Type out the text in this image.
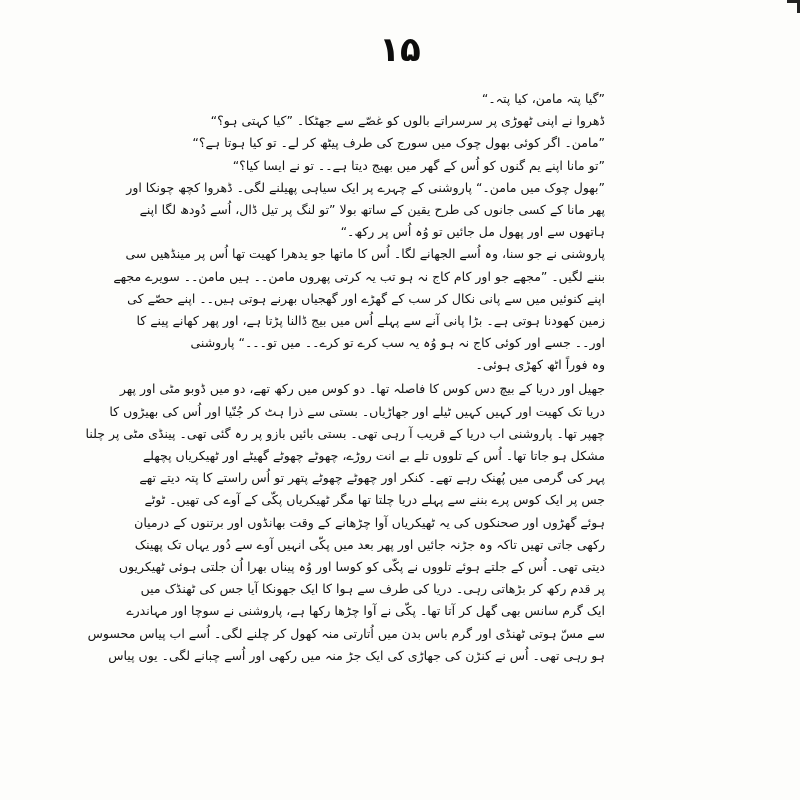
۱۵
”گیا پتہ مامن، کیا پتہ۔“
ڈھروا نے اپنی ٹھوڑی پر سرسراتے بالوں کو غصّے سے جھٹکا۔ ”کیا کہتی ہو؟“
”مامن۔ اگر کوئی بھول چوک میں سورج کی طرف پیٹھ کر لے۔ تو کیا ہوتا ہے؟“
”تو مانا اپنے یم گنوں کو اُس کے گھر میں بھیج دیتا ہے۔۔ تو نے ایسا کیا؟“
”بھول چوک میں مامن۔“ پاروشنی کے چہرے پر ایک سیاہی پھیلنے لگی۔ ڈھروا کچھ چونکا اور
پھر مانا کے کسی جانوں کی طرح یقین کے ساتھ بولا ”تو لنگ پر تیل ڈال، اُسے دُودھ لگا اپنے
ہاتھوں سے اور پھول مل جائیں تو وُہ اُس پر رکھ۔“
پاروشنی نے جو سنا، وہ اُسے الجھانے لگا۔ اُس کا ماتھا جو یدھرا کھیت تھا اُس پر مینڈھیں سی
بننے لگیں۔ ”مجھے جو اور کام کاج نہ ہو تب یہ کرتی پھروں مامن۔۔ ہیں مامن۔۔ سویرے مجھے
اپنے کنوئیں میں سے پانی نکال کر سب کے گھڑے اور گھجیاں بھرنے ہوتی ہیں۔۔ اپنے حصّے کی
زمین کھودنا ہوتی ہے۔ بڑا پانی آنے سے پہلے اُس میں بیج ڈالنا پڑتا ہے، اور پھر کھانے پینے کا
اور۔۔ جسے اور کوئی کاج نہ ہو وُہ یہ سب کرے تو کرے۔۔ میں تو۔۔۔“ پاروشنی
وہ فوراً اٹھ کھڑی ہوئی۔
جھیل اور دریا کے بیچ دس کوس کا فاصلہ تھا۔ دو کوس میں رکھ تھے، دو میں ڈوبو مٹی اور پھر
دریا تک کھیت اور کہیں کہیں ٹیلے اور جھاڑیاں۔ بستی سے ذرا ہٹ کر جُنّیا اور اُس کی بھیڑوں کا
چھپر تھا۔ پاروشنی اب دریا کے قریب آ رہی تھی۔ بستی بائیں بازو پر رہ گئی تھی۔ پینڈی مٹی پر چلنا
مشکل ہو جاتا تھا۔ اُس کے تلووں تلے بے انت روڑے، چھوٹے چھوٹے گھیٹے اور ٹھیکریاں پچھلے
پہر کی گرمی میں پُھنک رہے تھے۔ کنکر اور چھوٹے چھوٹے پتھر تو اُس راستے کا پتہ دیتے تھے
جس پر ایک کوس پرے بننے سے پہلے دریا چلتا تھا مگر ٹھیکریاں پکّی کے آوے کی تھیں۔ ٹوٹے
ہوئے گھڑوں اور صحنکوں کی یہ ٹھیکریاں آوا چڑھانے کے وقت بھانڈوں اور برتنوں کے درمیان
رکھی جاتی تھیں تاکہ وہ جڑنہ جائیں اور پھر بعد میں پکّی انہیں آوے سے دُور یہاں تک پھینک
دیتی تھی۔ اُس کے جلتے ہوئے تلووں نے پکّی کو کوسا اور وُہ پیناں بھرا اُن جلتی ہوئی ٹھیکریوں
پر قدم رکھ کر بڑھاتی رہی۔ دریا کی طرف سے ہوا کا ایک جھونکا آیا جس کی ٹھنڈک میں
ایک گرم سانس بھی گھل کر آتا تھا۔ پکّی نے آوا چڑھا رکھا ہے، پاروشنی نے سوچا اور مہاندرے
سے مسّ ہوتی ٹھنڈی اور گرم باس بدن میں اُتارتی منہ کھول کر چلنے لگی۔ اُسے اب پیاس محسوس
ہو رہی تھی۔ اُس نے کنڑن کی جھاڑی کی ایک جڑ منہ میں رکھی اور اُسے چبانے لگی۔ یوں پیاس
